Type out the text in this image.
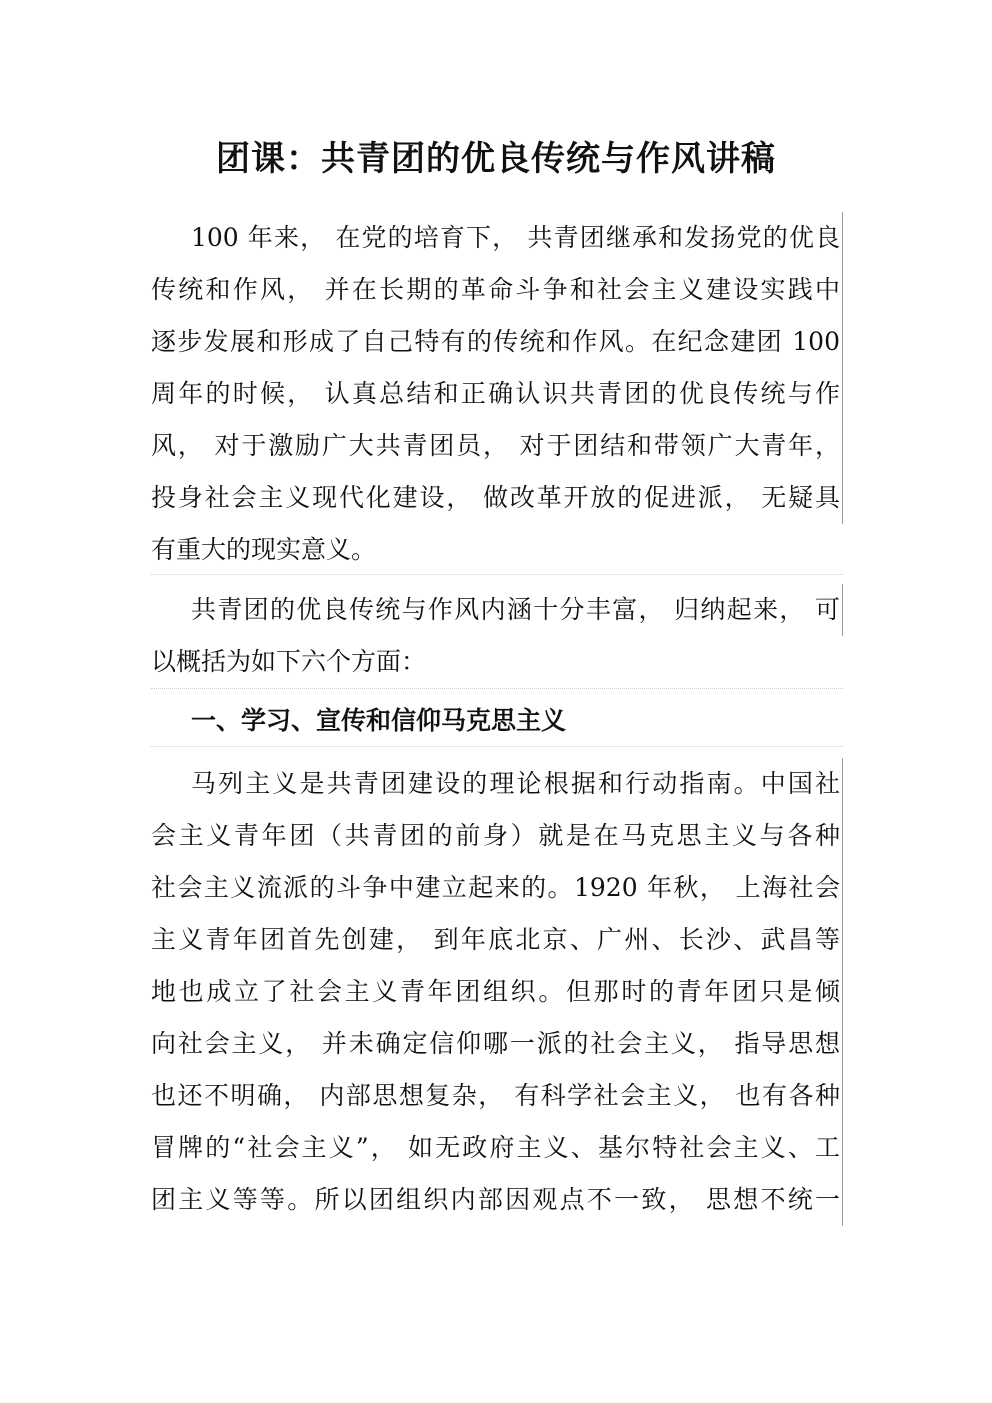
团课：共青团的优良传统与作风讲稿
100 年来， 在党的培育下， 共青团继承和发扬党的优良
传统和作风， 并在长期的革命斗争和社会主义建设实践中
逐步发展和形成了自己特有的传统和作风。在纪念建团 100
周年的时候， 认真总结和正确认识共青团的优良传统与作
风， 对于激励广大共青团员， 对于团结和带领广大青年，
投身社会主义现代化建设， 做改革开放的促进派， 无疑具
有重大的现实意义。
共青团的优良传统与作风内涵十分丰富， 归纳起来， 可
以概括为如下六个方面：
一、学习、宣传和信仰马克思主义
马列主义是共青团建设的理论根据和行动指南。中国社
会主义青年团（共青团的前身）就是在马克思主义与各种
社会主义流派的斗争中建立起来的。1920 年秋， 上海社会
主义青年团首先创建， 到年底北京、广州、长沙、武昌等
地也成立了社会主义青年团组织。但那时的青年团只是倾
向社会主义， 并未确定信仰哪一派的社会主义， 指导思想
也还不明确， 内部思想复杂， 有科学社会主义， 也有各种
冒牌的“社会主义”， 如无政府主义、基尔特社会主义、工
团主义等等。所以团组织内部因观点不一致， 思想不统一
